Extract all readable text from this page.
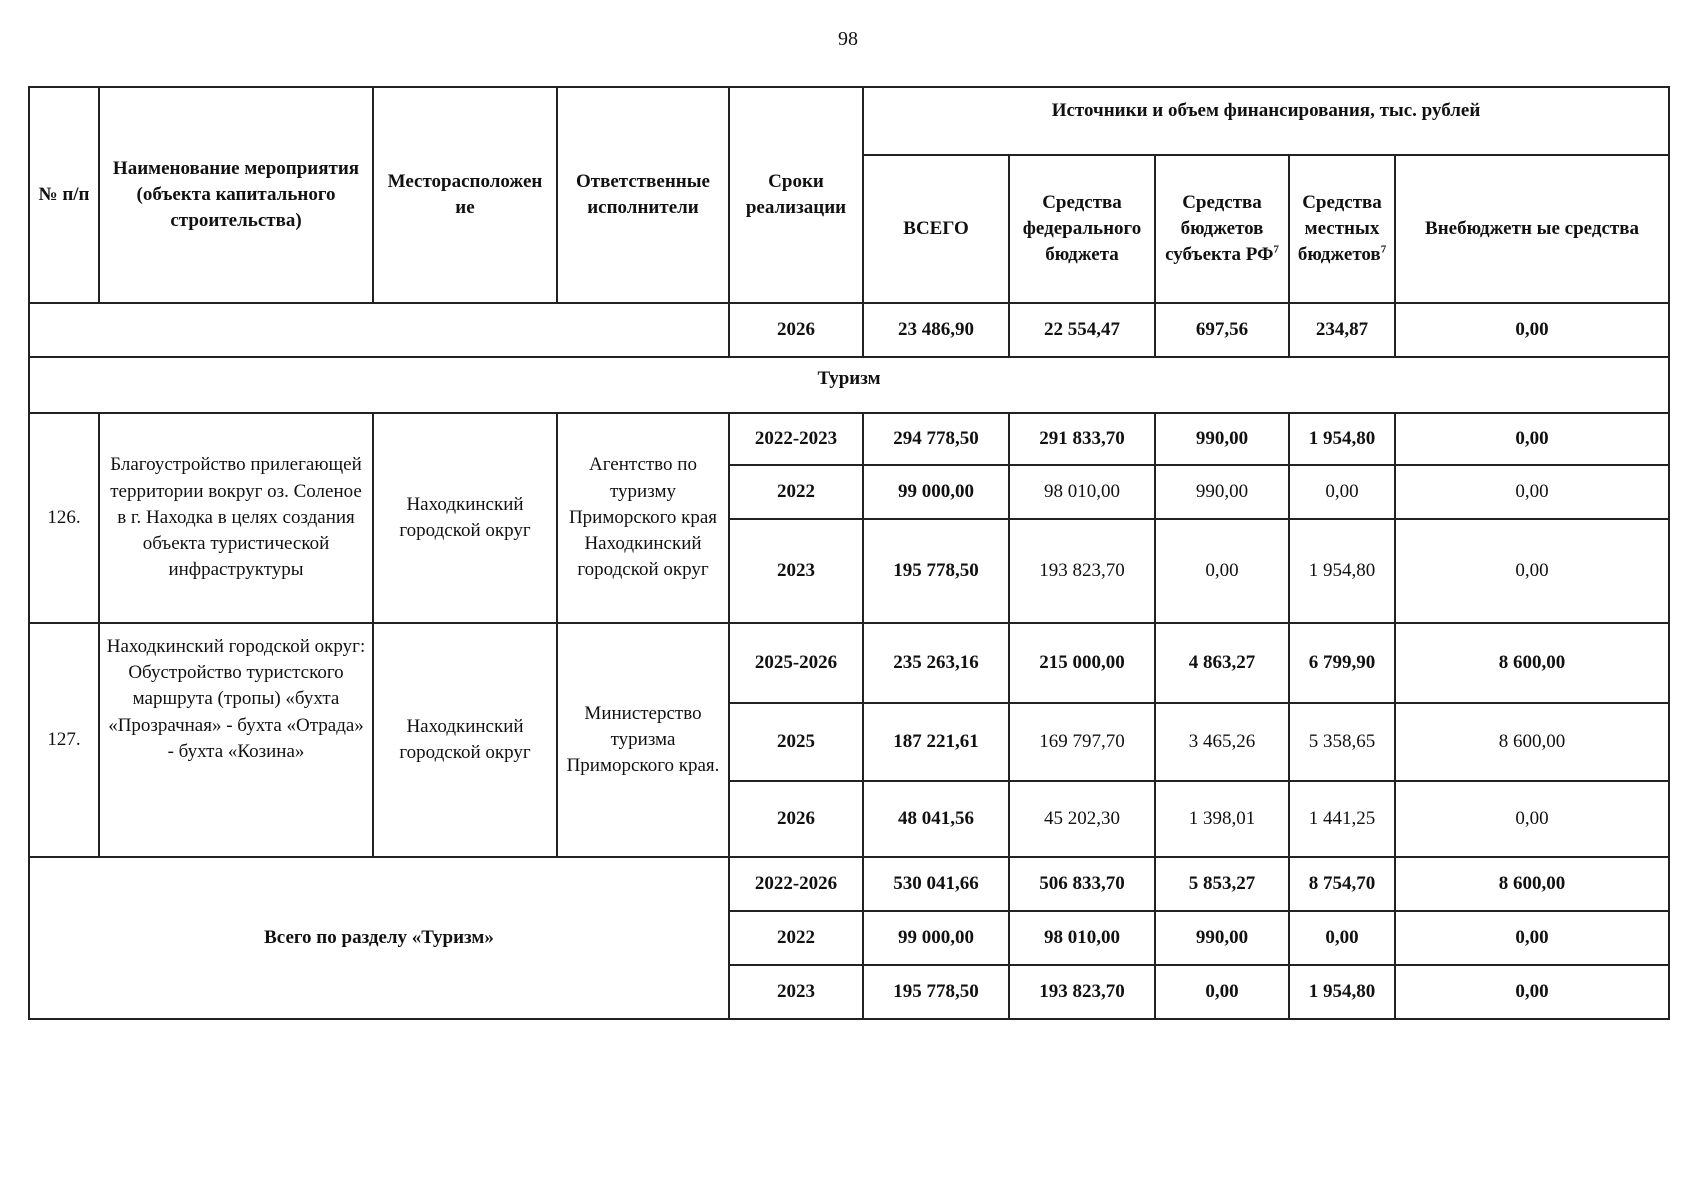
98
№ п/п	Наименование мероприятия (объекта капитального строительства)	Месторасположен ие	Ответственные исполнители	Сроки реализации	Источники и объем финансирования, тыс. рублей				
					ВСЕГО	Средства федерального бюджета	Средства бюджетов субъекта $РФ^7$	Средства местных бюджетов$^7$	Внебюджетн ые средства
				2026	23 486,90	22 554,47	697,56	234,87	0,00
Туризм									
126.	Благоустройство прилегающей территории вокруг оз. Соленое в г. Находка в целях создания объекта туристической инфраструктуры	Находкинский городской округ	Агентство по туризму Приморского края Находкинский городской округ	2022-2023	294 778,50	291 833,70	990,00	1 954,80	0,00
				2022	99 000,00	98 010,00	990,00	0,00	0,00
				2023	195 778,50	193 823,70	0,00	1 954,80	0,00
127.	Находкинский городской округ: Обустройство туристского маршрута (тропы) «бухта «Прозрачная» - бухта «Отрада» - бухта «Козина»	Находкинский городской округ	Министерство туризма Приморского края.	2025-2026	235 263,16	215 000,00	4 863,27	6 799,90	8 600,00
				2025	187 221,61	169 797,70	3 465,26	5 358,65	8 600,00
				2026	48 041,56	45 202,30	1 398,01	1 441,25	0,00
Всего по разделу «Туризм»				2022-2026	530 041,66	506 833,70	5 853,27	8 754,70	8 600,00
				2022	99 000,00	98 010,00	990,00	0,00	0,00
				2023	195 778,50	193 823,70	0,00	1 954,80	0,00
